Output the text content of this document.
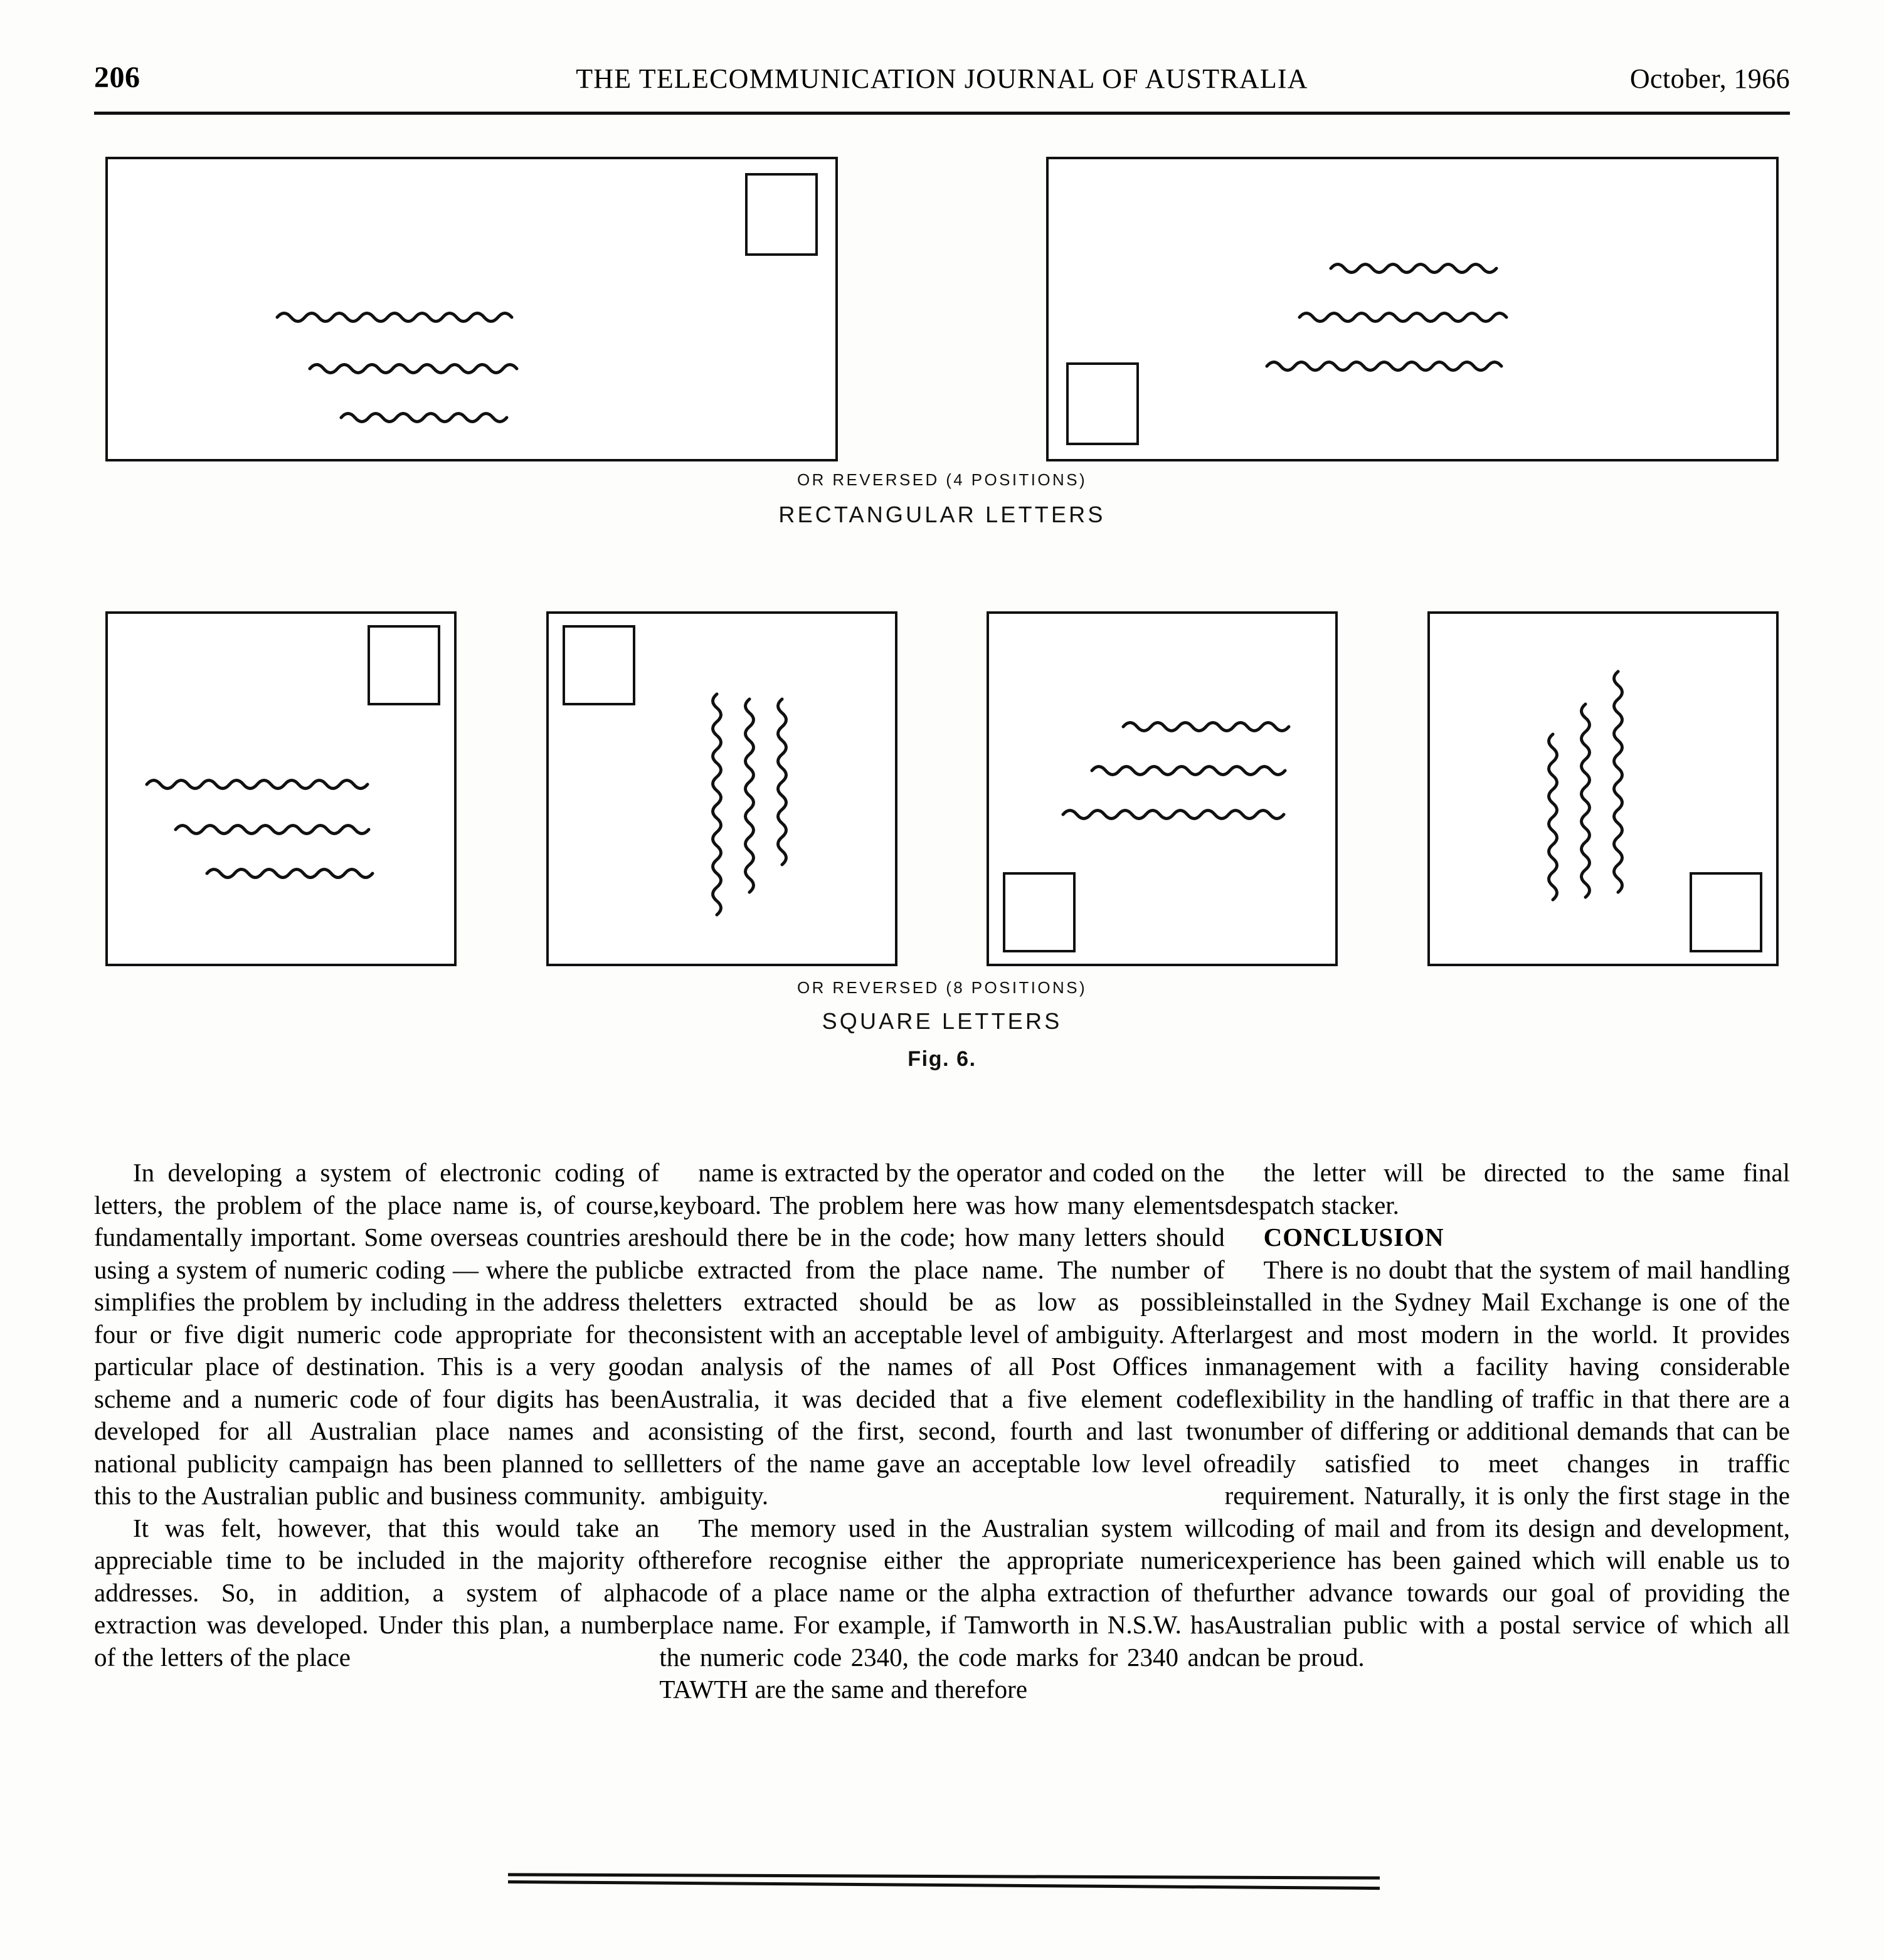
206	THE TELECOMMUNICATION JOURNAL OF AUSTRALIA	October, 1966
OR REVERSED (4 POSITIONS)
RECTANGULAR LETTERS
OR REVERSED (8 POSITIONS)
SQUARE LETTERS
Fig. 6.

In developing a system of electronic coding of letters, the problem of the place name is, of course, fundamentally important. Some overseas countries are using a system of numeric coding — where the public simplifies the problem by including in the address the four or five digit numeric code appropriate for the particular place of destination. This is a very good scheme and a numeric code of four digits has been developed for all Australian place names and a national publicity campaign has been planned to sell this to the Australian public and business community.

It was felt, however, that this would take an appreciable time to be included in the majority of addresses. So, in addition, a system of alpha extraction was developed. Under this plan, a number of the letters of the place

name is extracted by the operator and coded on the keyboard. The problem here was how many elements should there be in the code; how many letters should be extracted from the place name. The number of letters extracted should be as low as possible consistent with an acceptable level of ambiguity. After an analysis of the names of all Post Offices in Australia, it was decided that a five element code consisting of the first, second, fourth and last two letters of the name gave an acceptable low level of ambiguity.

The memory used in the Australian system will therefore recognise either the appropriate numeric code of a place name or the alpha extraction of the place name. For example, if Tamworth in N.S.W. has the numeric code 2340, the code marks for 2340 and TAWTH are the same and therefore

the letter will be directed to the same final despatch stacker.

CONCLUSION

There is no doubt that the system of mail handling installed in the Sydney Mail Exchange is one of the largest and most modern in the world. It provides management with a facility having considerable flexibility in the handling of traffic in that there are a number of differing or additional demands that can be readily satisfied to meet changes in traffic requirement. Naturally, it is only the first stage in the coding of mail and from its design and development, experience has been gained which will enable us to further advance towards our goal of providing the Australian public with a postal service of which all can be proud.
